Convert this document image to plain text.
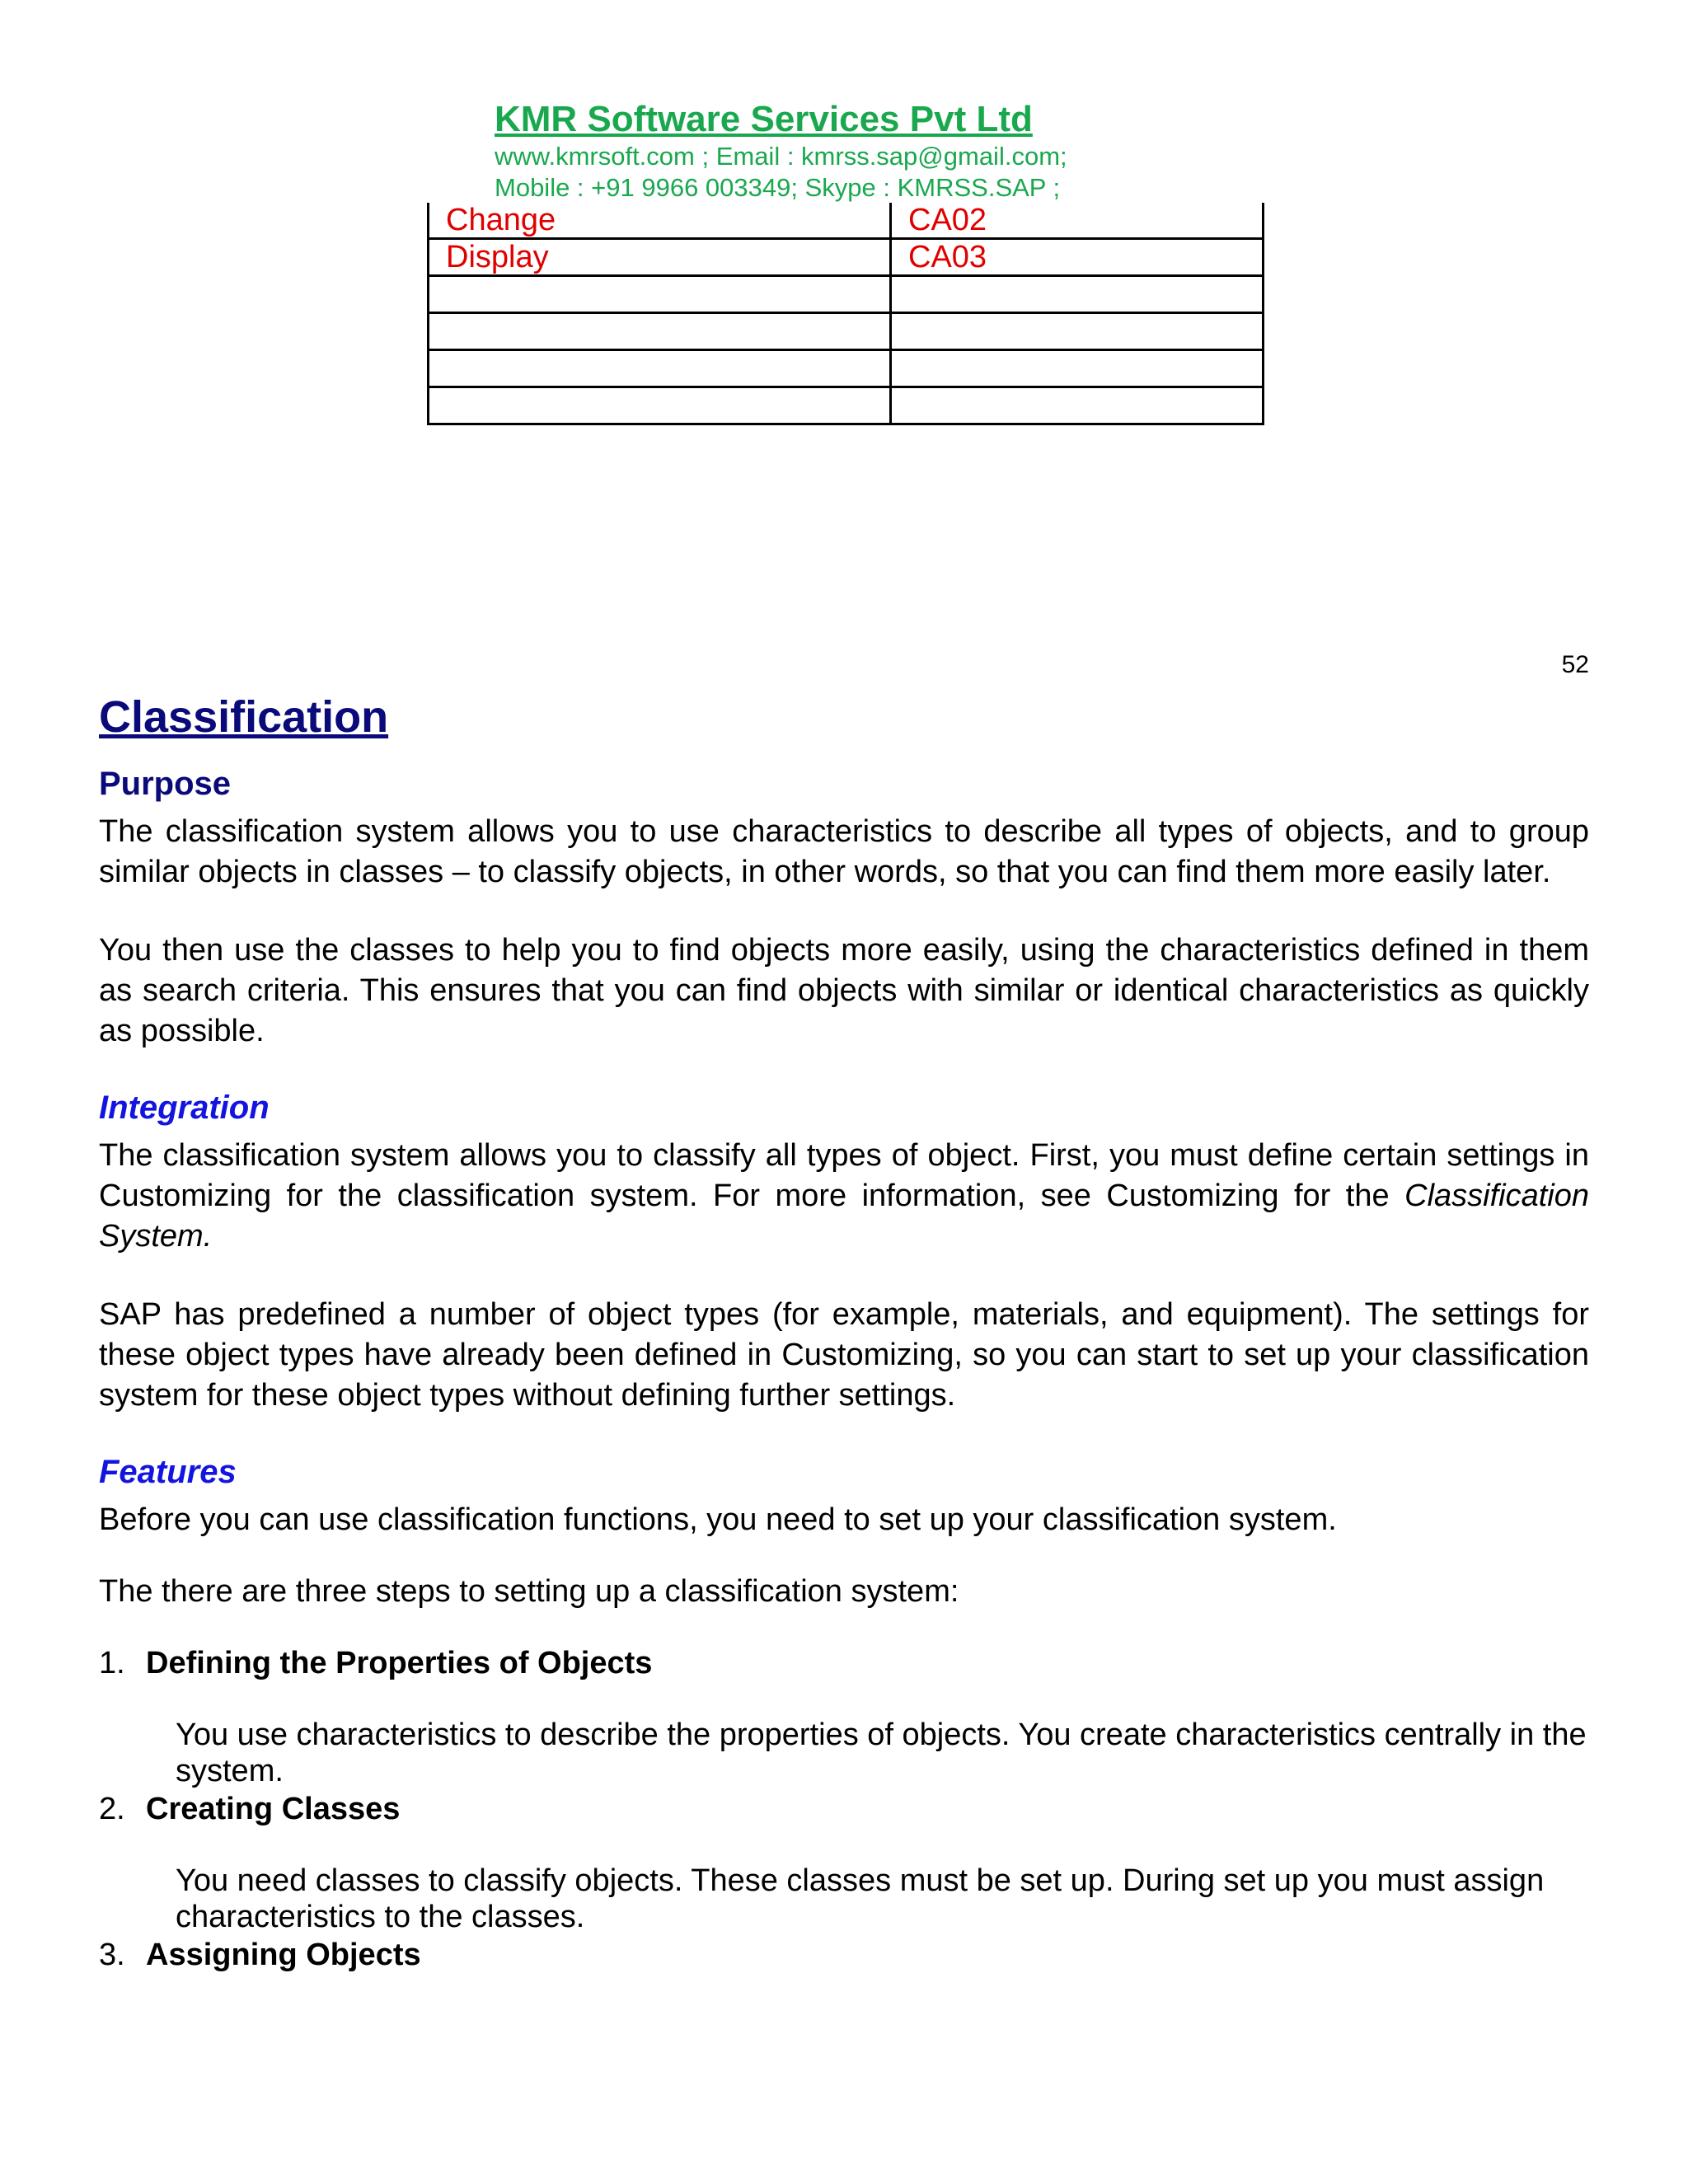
KMR Software Services Pvt Ltd
www.kmrsoft.com ; Email : kmrss.sap@gmail.com;
Mobile : +91 9966 003349; Skype : KMRSS.SAP ;
Change	CA02
Display	CA03

52
Classification
Purpose

The classification system allows you to use characteristics to describe all types of objects, and to group similar objects in classes – to classify objects, in other words, so that you can find them more easily later.

You then use the classes to help you to find objects more easily, using the characteristics defined in them as search criteria. This ensures that you can find objects with similar or identical characteristics as quickly as possible.

Integration

The classification system allows you to classify all types of object. First, you must define certain settings in Customizing for the classification system. For more information, see Customizing for the Classification System.

SAP has predefined a number of object types (for example, materials, and equipment). The settings for these object types have already been defined in Customizing, so you can start to set up your classification system for these object types without defining further settings.

Features

Before you can use classification functions, you need to set up your classification system.

The there are three steps to setting up a classification system:

1. Defining the Properties of Objects
You use characteristics to describe the properties of objects. You create characteristics centrally in the system.
2. Creating Classes
You need classes to classify objects. These classes must be set up. During set up you must assign characteristics to the classes.
3. Assigning Objects
